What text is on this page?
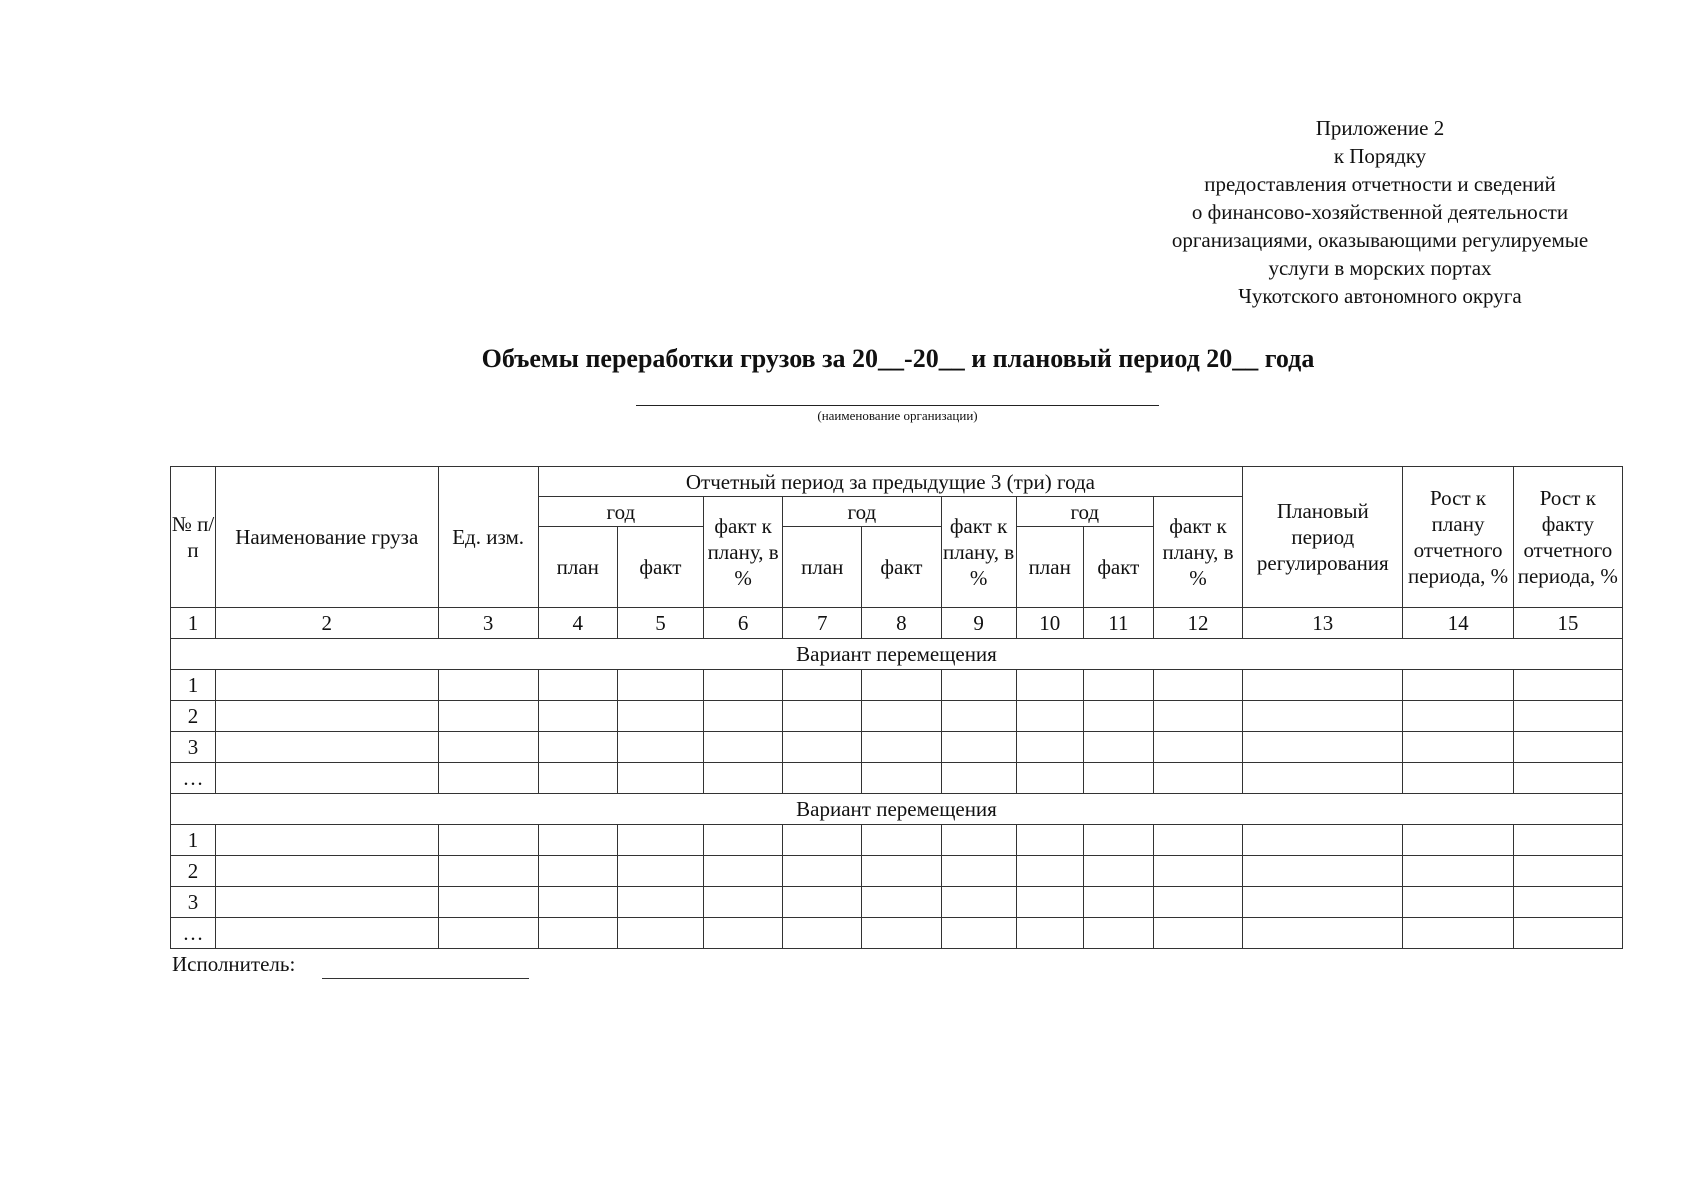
Приложение 2
к Порядку
предоставления отчетности и сведений
о финансово-хозяйственной деятельности
организациями, оказывающими регулируемые
услуги в морских портах
Чукотского автономного округа
Объемы переработки грузов за 20__-20__ и плановый период 20__ года
(наименование организации)
№ п/п	Наименование груза	Ед. изм.	Отчетный период за предыдущие 3 (три) года									Плановый период регулирования	Рост к плану отчетного периода, %	Рост к факту отчетного периода, %
			год		факт к плану, в %	год		факт к плану, в %	год		факт к плану, в %			
			план	факт		план	факт		план	факт				
1	2	3	4	5	6	7	8	9	10	11	12	13	14	15
Вариант перемещения														
1														
2														
3														
…														
Вариант перемещения														
1														
2														
3														
…														
Исполнитель:
